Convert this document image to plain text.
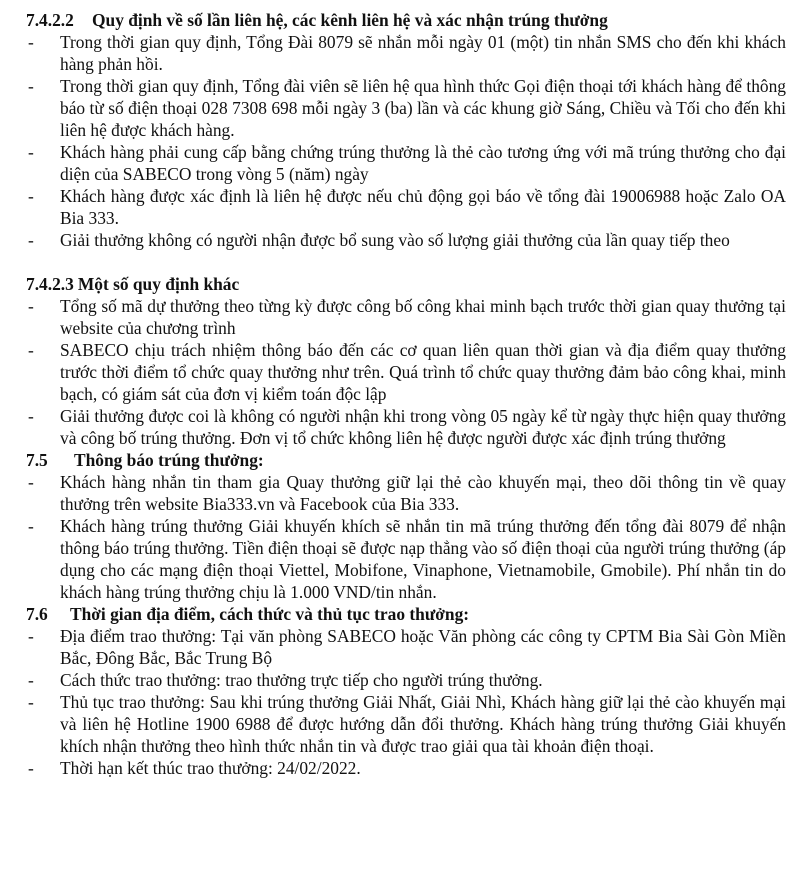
7.4.2.2 Quy định về số lần liên hệ, các kênh liên hệ và xác nhận trúng thưởng
- Trong thời gian quy định, Tổng Đài 8079 sẽ nhắn mỗi ngày 01 (một) tin nhắn SMS cho đến khi khách hàng phản hồi.
- Trong thời gian quy định, Tổng đài viên sẽ liên hệ qua hình thức Gọi điện thoại tới khách hàng để thông báo từ số điện thoại 028 7308 698 mỗi ngày 3 (ba) lần và các khung giờ Sáng, Chiều và Tối cho đến khi liên hệ được khách hàng.
- Khách hàng phải cung cấp bằng chứng trúng thưởng là thẻ cào tương ứng với mã trúng thưởng cho đại diện của SABECO trong vòng 5 (năm) ngày
- Khách hàng được xác định là liên hệ được nếu chủ động gọi báo về tổng đài 19006988 hoặc Zalo OA Bia 333.
- Giải thưởng không có người nhận được bổ sung vào số lượng giải thưởng của lần quay tiếp theo
7.4.2.3 Một số quy định khác
- Tổng số mã dự thưởng theo từng kỳ được công bố công khai minh bạch trước thời gian quay thưởng tại website của chương trình
- SABECO chịu trách nhiệm thông báo đến các cơ quan liên quan thời gian và địa điểm quay thưởng trước thời điểm tổ chức quay thưởng như trên. Quá trình tổ chức quay thưởng đảm bảo công khai, minh bạch, có giám sát của đơn vị kiểm toán độc lập
- Giải thưởng được coi là không có người nhận khi trong vòng 05 ngày kể từ ngày thực hiện quay thưởng và công bố trúng thưởng. Đơn vị tổ chức không liên hệ được người được xác định trúng thưởng
7.5 Thông báo trúng thưởng:
- Khách hàng nhắn tin tham gia Quay thưởng giữ lại thẻ cào khuyến mại, theo dõi thông tin về quay thưởng trên website Bia333.vn và Facebook của Bia 333.
- Khách hàng trúng thưởng Giải khuyến khích sẽ nhắn tin mã trúng thưởng đến tổng đài 8079 để nhận thông báo trúng thưởng. Tiền điện thoại sẽ được nạp thẳng vào số điện thoại của người trúng thưởng (áp dụng cho các mạng điện thoại Viettel, Mobifone, Vinaphone, Vietnamobile, Gmobile). Phí nhắn tin do khách hàng trúng thưởng chịu là 1.000 VND/tin nhắn.
7.6 Thời gian địa điểm, cách thức và thủ tục trao thưởng:
- Địa điểm trao thưởng: Tại văn phòng SABECO hoặc Văn phòng các công ty CPTM Bia Sài Gòn Miền Bắc, Đông Bắc, Bắc Trung Bộ
- Cách thức trao thưởng: trao thưởng trực tiếp cho người trúng thưởng.
- Thủ tục trao thưởng: Sau khi trúng thưởng Giải Nhất, Giải Nhì, Khách hàng giữ lại thẻ cào khuyến mại và liên hệ Hotline 1900 6988 để được hướng dẫn đổi thưởng. Khách hàng trúng thưởng Giải khuyến khích nhận thưởng theo hình thức nhắn tin và được trao giải qua tài khoản điện thoại.
- Thời hạn kết thúc trao thưởng: 24/02/2022.
